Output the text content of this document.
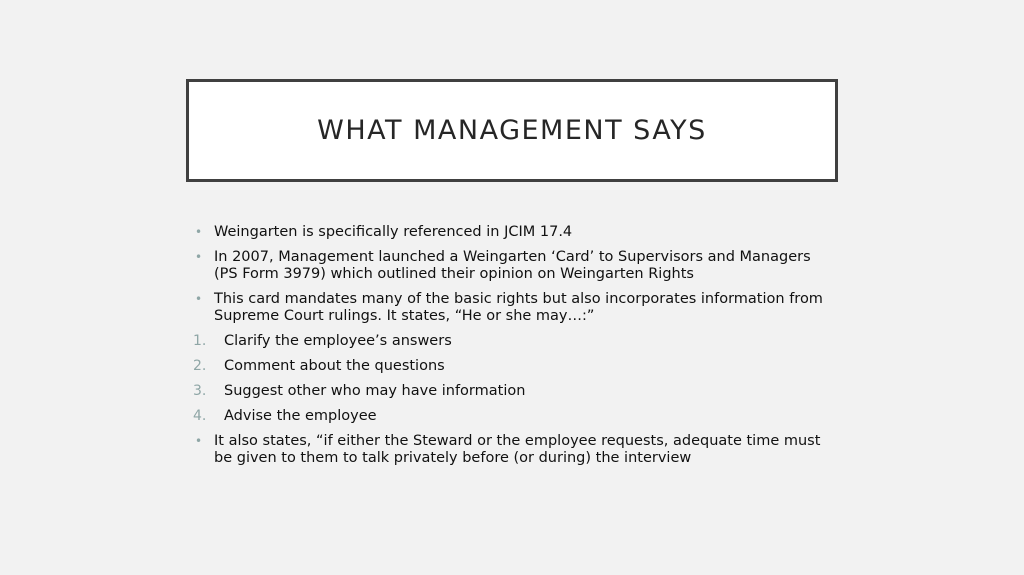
WHAT MANAGEMENT SAYS
• Weingarten is specifically referenced in JCIM 17.4
• In 2007, Management launched a Weingarten ‘Card’ to Supervisors and Managers (PS Form 3979) which outlined their opinion on Weingarten Rights
• This card mandates many of the basic rights but also incorporates information from Supreme Court rulings. It states, “He or she may…:”
1. Clarify the employee’s answers
2. Comment about the questions
3. Suggest other who may have information
4. Advise the employee
• It also states, “if either the Steward or the employee requests, adequate time must be given to them to talk privately before (or during) the interview
